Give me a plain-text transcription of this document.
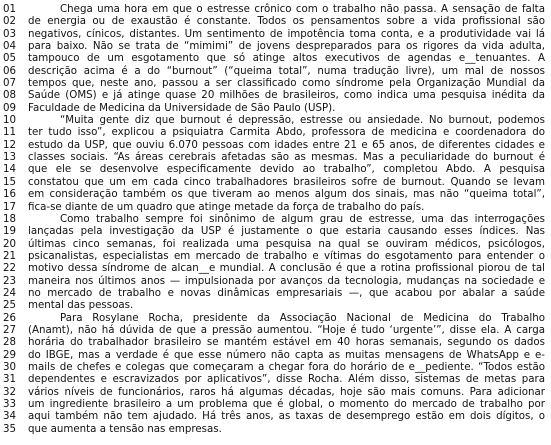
01	Chega uma hora em que o estresse crônico com o trabalho não passa. A sensação de falta
02 de energia ou de exaustão é constante. Todos os pensamentos sobre a vida profissional são
03 negativos, cínicos, distantes. Um sentimento de impotência toma conta, e a produtividade vai lá
04 para baixo. Não se trata de “mimimi” de jovens despreparados para os rigores da vida adulta,
05 tampouco de um esgotamento que só atinge altos executivos de agendas e__tenuantes. A
06 descrição acima é a do “burnout” (“queima total”, numa tradução livre), um mal de nossos
07 tempos que, neste ano, passou a ser classificado como síndrome pela Organização Mundial da
08 Saúde (OMS) e já atinge quase 20 milhões de brasileiros, como indica uma pesquisa inédita da
09 Faculdade de Medicina da Universidade de São Paulo (USP).
10	“Muita gente diz que burnout é depressão, estresse ou ansiedade. No burnout, podemos
11 ter tudo isso”, explicou a psiquiatra Carmita Abdo, professora de medicina e coordenadora do
12 estudo da USP, que ouviu 6.070 pessoas com idades entre 21 e 65 anos, de diferentes cidades e
13 classes sociais. “As áreas cerebrais afetadas são as mesmas. Mas a peculiaridade do burnout é
14 que ele se desenvolve especificamente devido ao trabalho”, completou Abdo. A pesquisa
15 constatou que um em cada cinco trabalhadores brasileiros sofre de burnout. Quando se levam
16 em consideração também os que tiveram ao menos algum dos sinais, mas não “queima total”,
17 fica-se diante de um quadro que atinge metade da força de trabalho do país.
18	Como trabalho sempre foi sinônimo de algum grau de estresse, uma das interrogações
19 lançadas pela investigação da USP é justamente o que estaria causando esses índices. Nas
20 últimas cinco semanas, foi realizada uma pesquisa na qual se ouviram médicos, psicólogos,
21 psicanalistas, especialistas em mercado de trabalho e vítimas do esgotamento para entender o
22 motivo dessa síndrome de alcan__e mundial. A conclusão é que a rotina profissional piorou de tal
23 maneira nos últimos anos — impulsionada por avanços da tecnologia, mudanças na sociedade e
24 no mercado de trabalho e novas dinâmicas empresariais —, que acabou por abalar a saúde
25 mental das pessoas.
26	Para Rosylane Rocha, presidente da Associação Nacional de Medicina do Trabalho
27 (Anamt), não há dúvida de que a pressão aumentou. “Hoje é tudo ‘urgente’”, disse ela. A carga
28 horária do trabalhador brasileiro se mantém estável em 40 horas semanais, segundo os dados
29 do IBGE, mas a verdade é que esse número não capta as muitas mensagens de WhatsApp e e-
30 mails de chefes e colegas que começaram a chegar fora do horário de e__pediente. “Todos estão
31 dependentes e escravizados por aplicativos”, disse Rocha. Além disso, sistemas de metas para
32 vários níveis de funcionários, raros há algumas décadas, hoje são mais comuns. Para adicionar
33 um ingrediente brasileiro a um problema que é global, o momento do mercado de trabalho por
34 aqui também não tem ajudado. Há três anos, as taxas de desemprego estão em dois dígitos, o
35 que aumenta a tensão nas empresas.
